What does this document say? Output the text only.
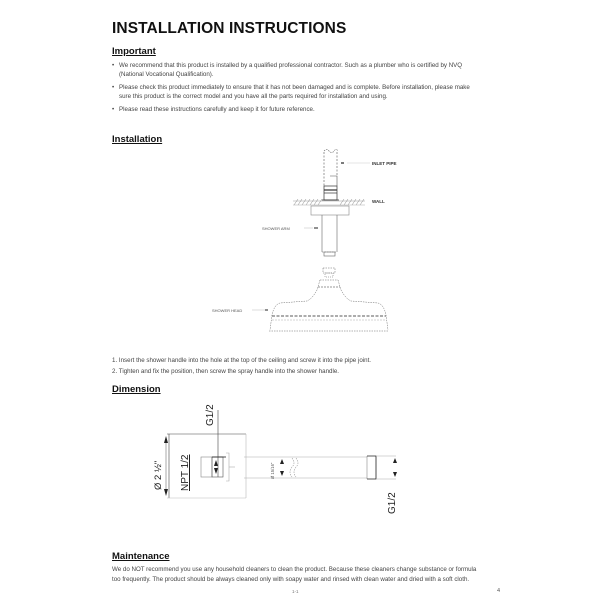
INSTALLATION INSTRUCTIONS
Important
• We recommend that this product is installed by a qualified professional contractor. Such as a plumber who is certified by NVQ
(National Vocational Qualification).
• Please check this product immediately to ensure that it has not been damaged and is complete. Before installation, please make
sure this product is the correct model and you have all the parts required for installation and using.
• Please read these instructions carefully and keep it for future reference.
Installation
INLET PIPE
WALL
SHOWER ARM
SHOWER HEAD
1. Insert the shower handle into the hole at the top of the ceiling and screw it into the pipe joint.
2. Tighten and fix the position, then screw the spray handle into the shower handle.
Dimension
G1/2
Ø 2 ½" NPT 1/2	Ø 15/16"
G1/2
Maintenance
We do NOT recommend you use any household cleaners to clean the product. Because these cleaners change substance or formula
too frequently. The product should be always cleaned only with soapy water and rinsed with clean water and dried with a soft cloth.
1-1	4
